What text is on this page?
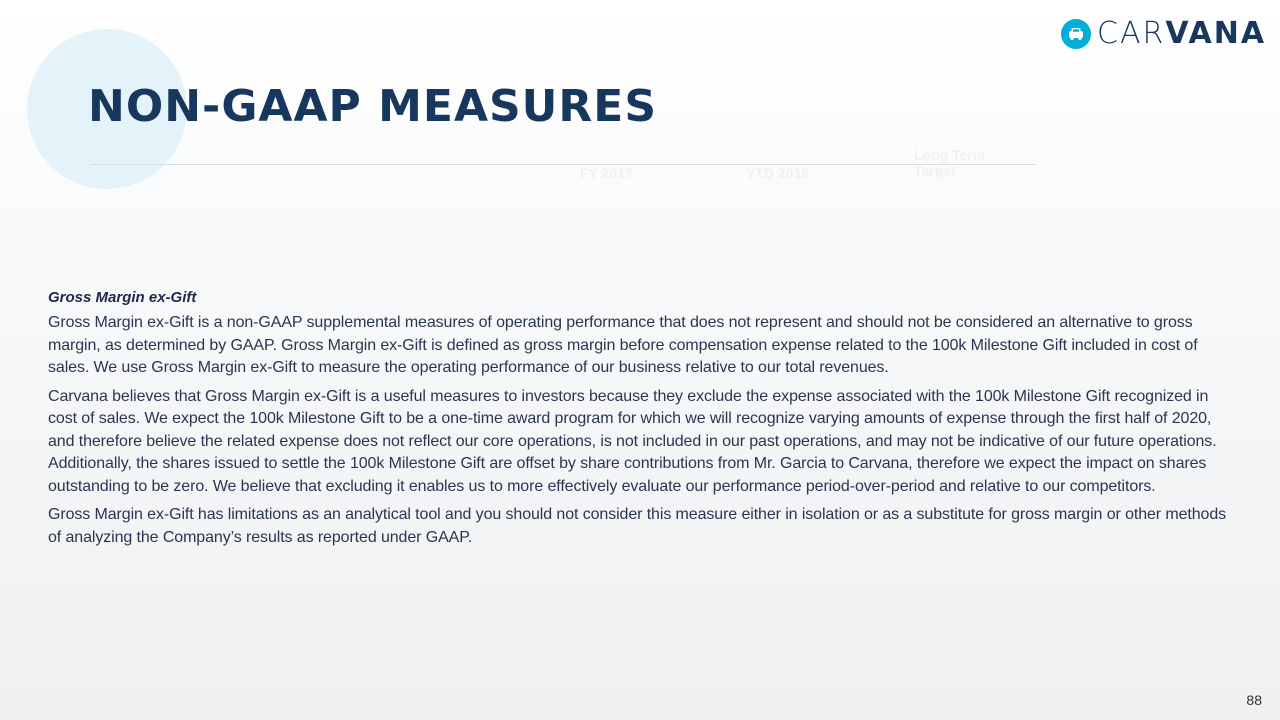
CARVANA
NON-GAAP MEASURES
FY 2017	YTD 2018
Long Term
Target
Gross Margin ex-Gift

Gross Margin ex-Gift is a non-GAAP supplemental measures of operating performance that does not represent and should not be considered an alternative to gross margin, as determined by GAAP. Gross Margin ex-Gift is defined as gross margin before compensation expense related to the 100k Milestone Gift included in cost of sales. We use Gross Margin ex-Gift to measure the operating performance of our business relative to our total revenues.

Carvana believes that Gross Margin ex-Gift is a useful measures to investors because they exclude the expense associated with the 100k Milestone Gift recognized in cost of sales. We expect the 100k Milestone Gift to be a one-time award program for which we will recognize varying amounts of expense through the first half of 2020, and therefore believe the related expense does not reflect our core operations, is not included in our past operations, and may not be indicative of our future operations. Additionally, the shares issued to settle the 100k Milestone Gift are offset by share contributions from Mr. Garcia to Carvana, therefore we expect the impact on shares outstanding to be zero. We believe that excluding it enables us to more effectively evaluate our performance period-over-period and relative to our competitors.

Gross Margin ex-Gift has limitations as an analytical tool and you should not consider this measure either in isolation or as a substitute for gross margin or other methods of analyzing the Company’s results as reported under GAAP.

88
